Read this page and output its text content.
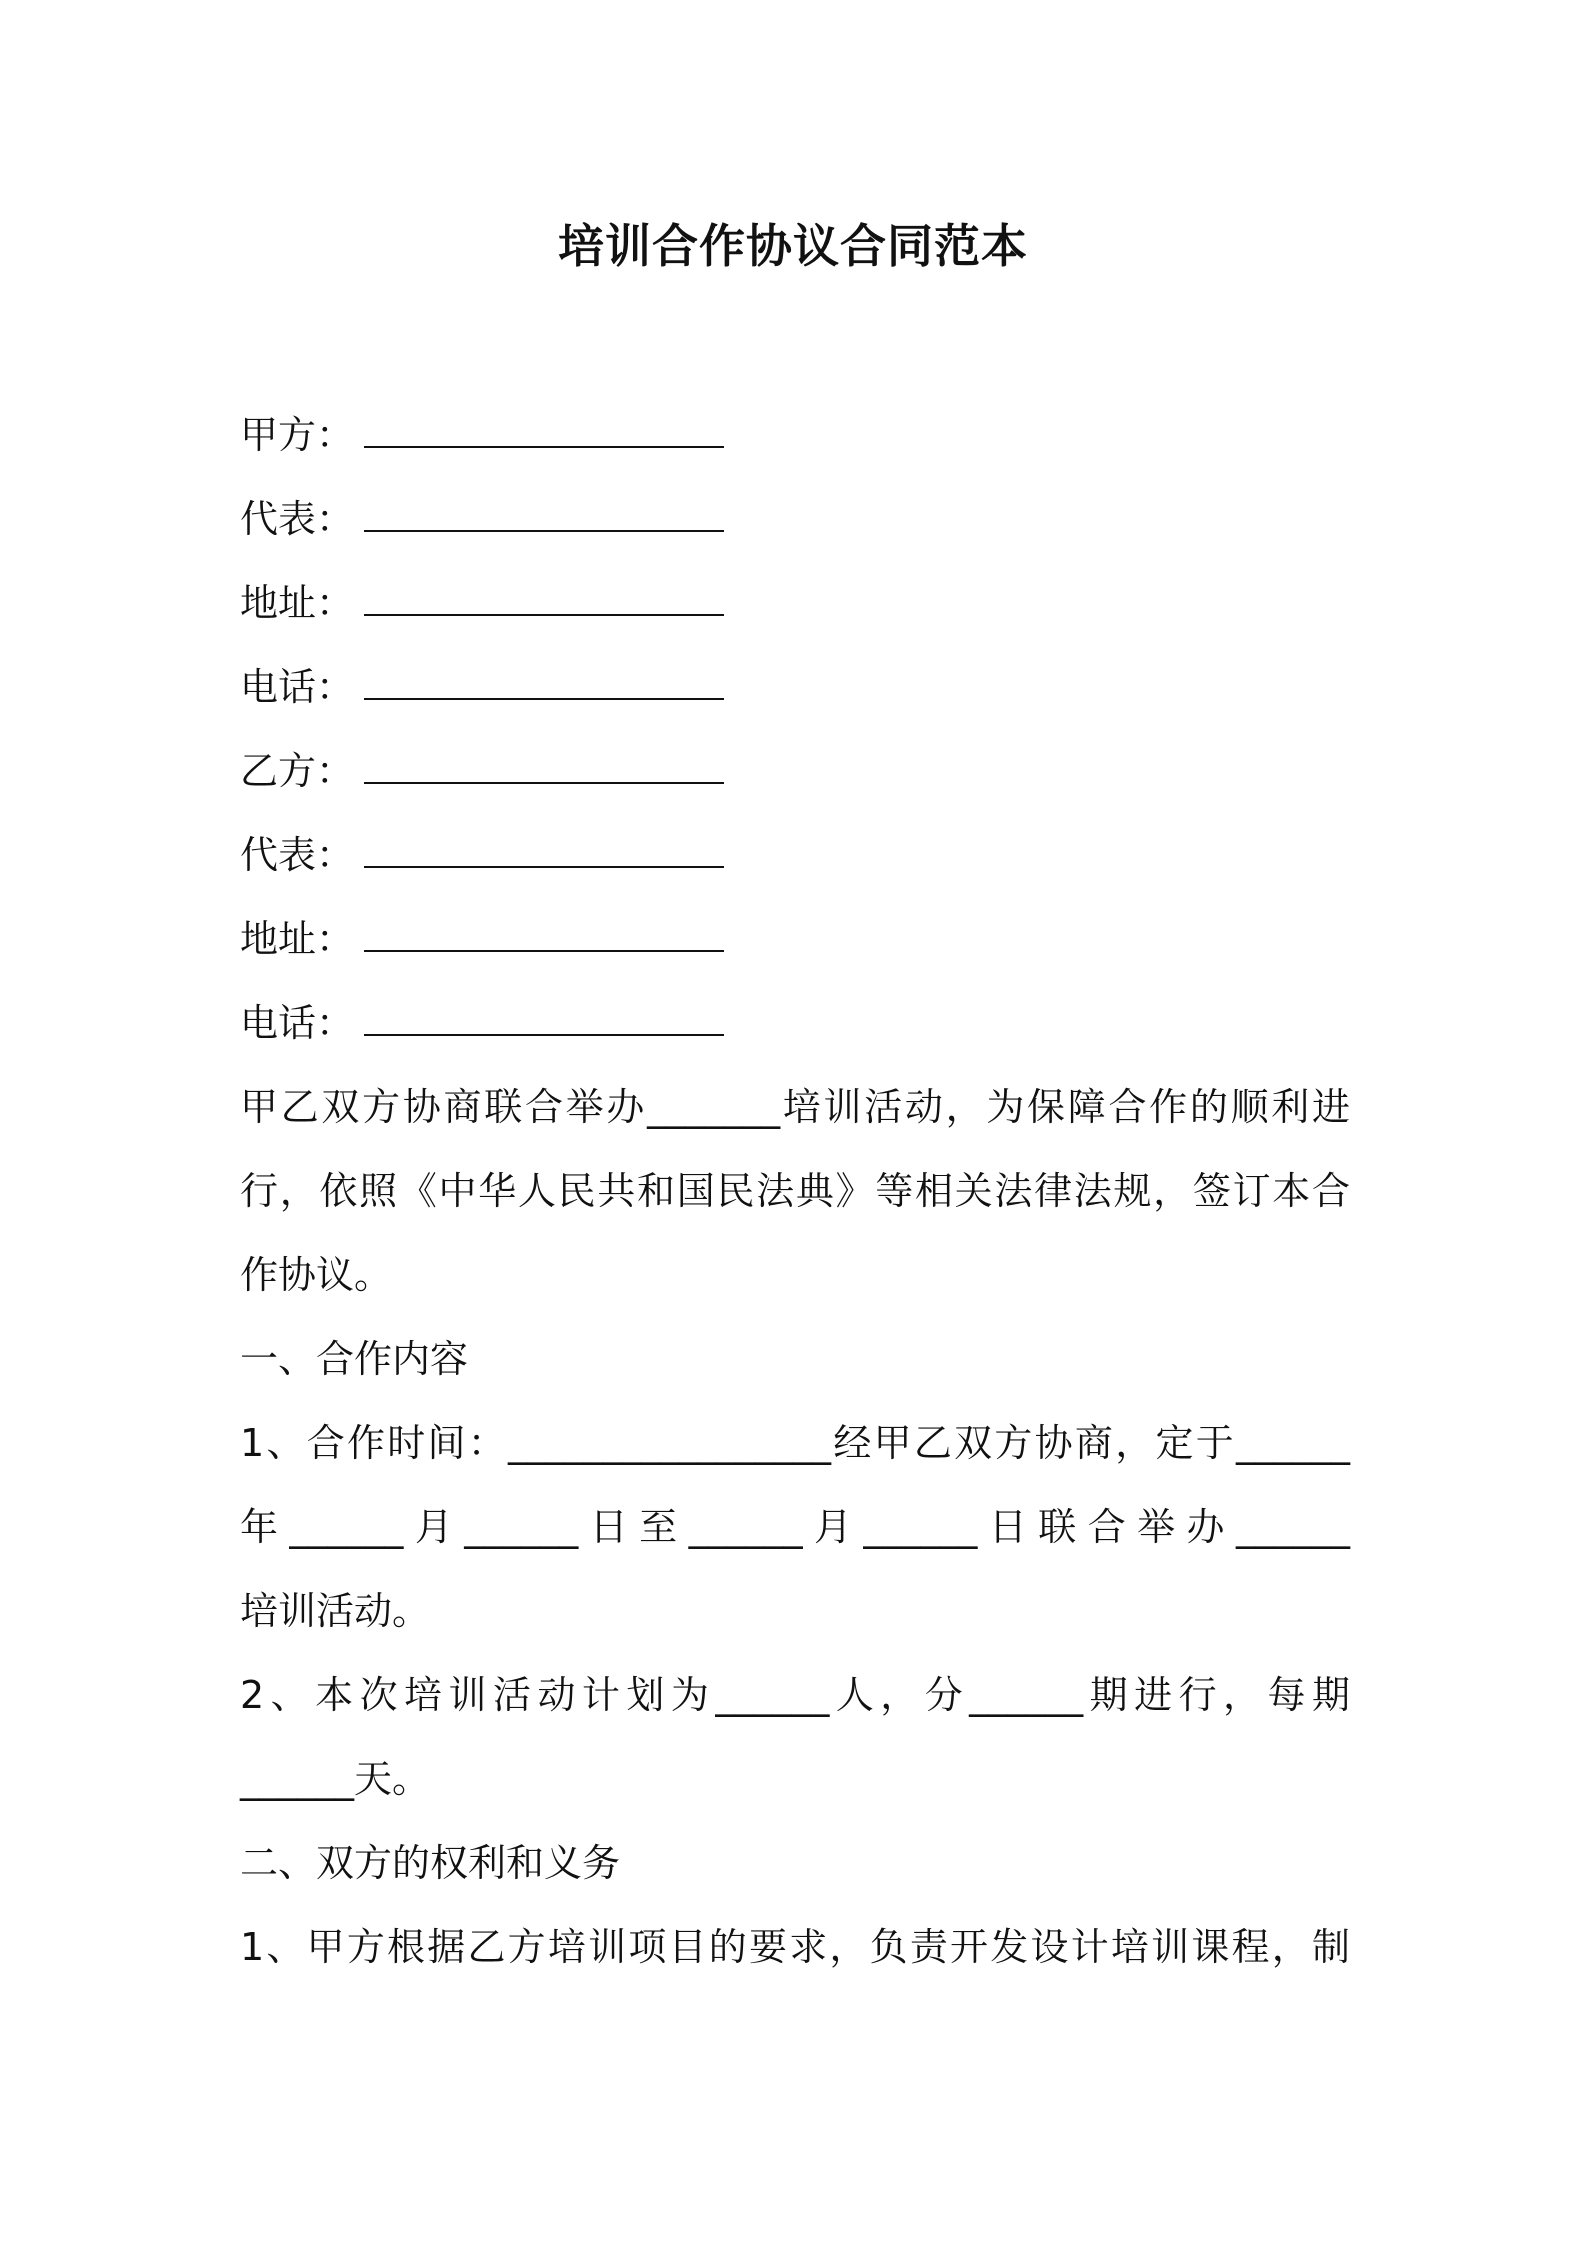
培训合作协议合同范本
甲方：
代表：
地址：
电话：
乙方：
代表：
地址：
电话：
甲乙双方协商联合举办_______培训活动，为保障合作的顺利进
行，依照《中华人民共和国民法典》等相关法律法规，签订本合
作协议。
一、合作内容
1、合作时间：_________________经甲乙双方协商，定于______
年______月______日至______月______日联合举办______
培训活动。
2、本次培训活动计划为______人，分______期进行，每期
______天。
二、双方的权利和义务
1、甲方根据乙方培训项目的要求，负责开发设计培训课程，制
